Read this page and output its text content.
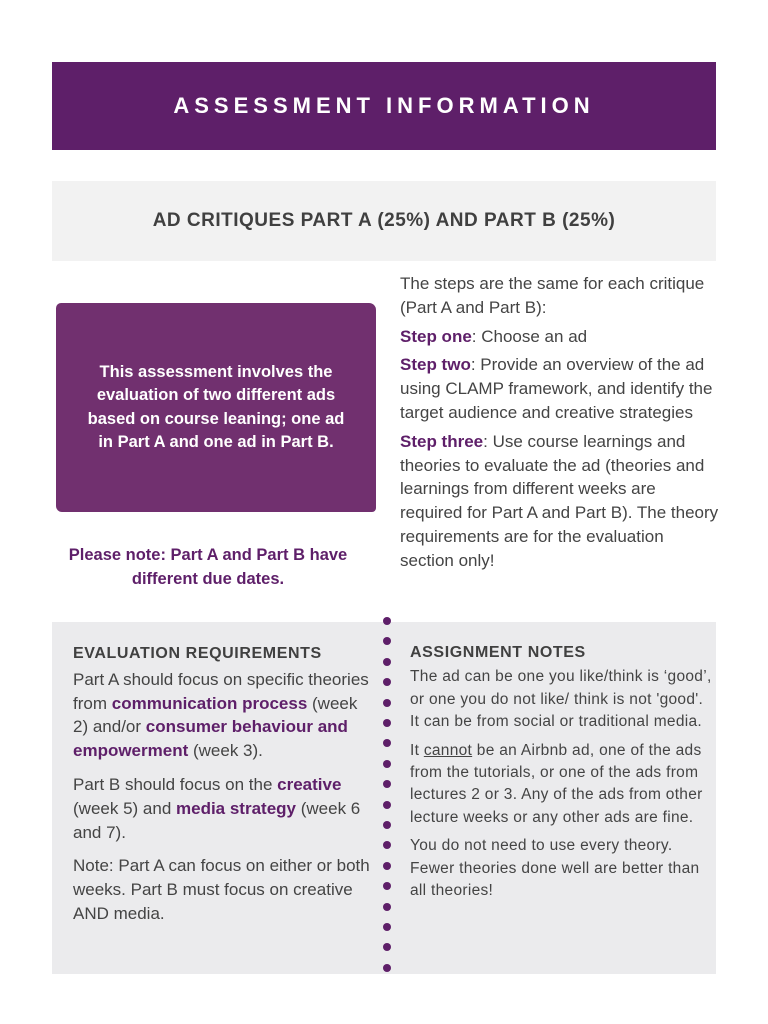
ASSESSMENT INFORMATION
AD CRITIQUES PART A (25%) AND PART B (25%)

This assessment involves the evaluation of two different ads based on course leaning; one ad in Part A and one ad in Part B.

Please note: Part A and Part B have different due dates.

The steps are the same for each critique (Part A and Part B):

Step one: Choose an ad

Step two: Provide an overview of the ad using CLAMP framework, and identify the target audience and creative strategies

Step three: Use course learnings and theories to evaluate the ad (theories and learnings from different weeks are required for Part A and Part B). The theory requirements are for the evaluation section only!

EVALUATION REQUIREMENTS

Part A should focus on specific theories from communication process (week 2) and/or consumer behaviour and empowerment (week 3).

Part B should focus on the creative (week 5) and media strategy (week 6 and 7).

Note: Part A can focus on either or both weeks. Part B must focus on creative AND media.

ASSIGNMENT NOTES

The ad can be one you like/think is ‘good’, or one you do not like/ think is not 'good'. It can be from social or traditional media.

It cannot be an Airbnb ad, one of the ads from the tutorials, or one of the ads from lectures 2 or 3. Any of the ads from other lecture weeks or any other ads are fine.

You do not need to use every theory. Fewer theories done well are better than all theories!
